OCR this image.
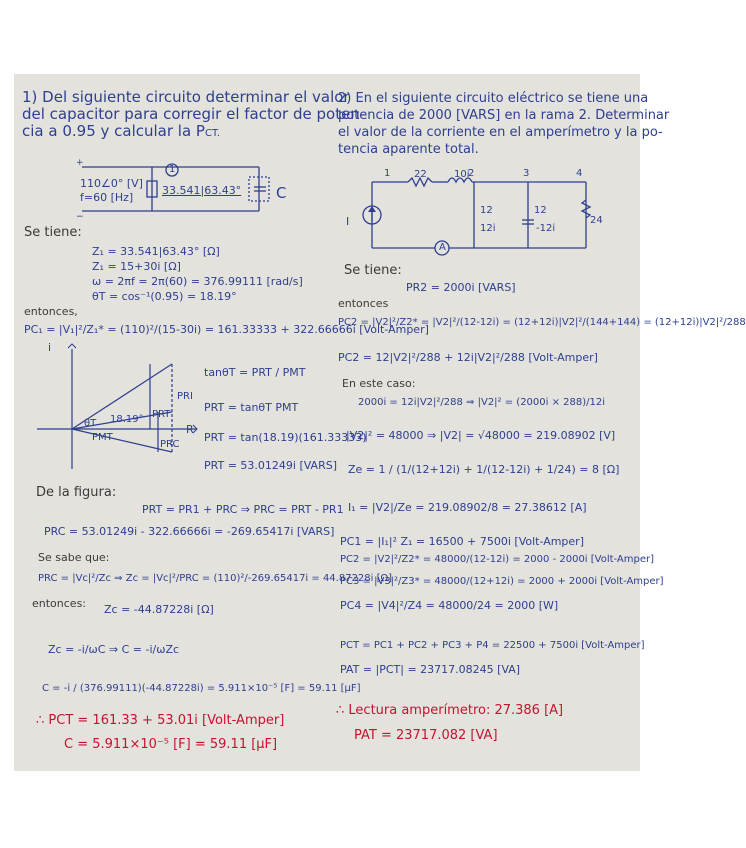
1) Del siguiente circuito determinar el valor
del capacitor para corregir el factor de poten-
cia a 0.95 y calcular la PCT.
+
−
110∠0° [V]
f=60 [Hz]
1
33.541|63.43° C
Se tiene:
Z₁ = 33.541|63.43° [Ω]
Z₁ = 15+30i [Ω]
ω = 2πf = 2π(60) = 376.99111 [rad/s]
θT = cos⁻¹(0.95) = 18.19°
entonces,
PC₁ = |V₁|²/Z₁* = (110)²/(15-30i) = 161.33333 + 322.66666i [Volt-Amper]
i
R
18.19°
θT
PMT
PRT
PRI
PRC
tanθT = PRT / PMT
PRT = tanθT PMT
PRT = tan(18.19)(161.33333)
PRT = 53.01249i [VARS]
De la figura:
PRT = PR1 + PRC ⇒ PRC = PRT - PR1
PRC = 53.01249i - 322.66666i = -269.65417i [VARS]
Se sabe que:
PRC = |Vc|²/Zc ⇒ Zc = |Vc|²/PRC = (110)²/-269.65417i = 44.87228i [Ω]
entonces: Zc = -44.87228i [Ω]
Zc = -i/ωC ⇒ C = -i/ωZc
C = -i / (376.99111)(-44.87228i) = 5.911×10⁻⁵ [F] = 59.11 [μF]
∴ PCT = 161.33 + 53.01i [Volt-Amper]
C = 5.911×10⁻⁵ [F] = 59.11 [μF]
2) En el siguiente circuito eléctrico se tiene una
potencia de 2000 [VARS] en la rama 2. Determinar
el valor de la corriente en el amperímetro y la po-
tencia aparente total.
1	2	3	4
22	10i
12
12i
12
-12i
24
I
A
Se tiene:
PR2 = 2000i [VARS]
entonces
PC2 = |V2|²/Z2* = |V2|²/(12-12i) = (12+12i)|V2|²/(144+144) = (12+12i)|V2|²/288
PC2 = 12|V2|²/288 + 12i|V2|²/288 [Volt-Amper]
En este caso:
2000i = 12i|V2|²/288 ⇒ |V2|² = (2000i × 288)/12i
|V2|² = 48000 ⇒ |V2| = √48000 = 219.08902 [V]
Ze = 1 / (1/(12+12i) + 1/(12-12i) + 1/24) = 8 [Ω]
I₁ = |V2|/Ze = 219.08902/8 = 27.38612 [A]
PC1 = |I₁|² Z₁ = 16500 + 7500i [Volt-Amper]
PC2 = |V2|²/Z2* = 48000/(12-12i) = 2000 - 2000i [Volt-Amper]
PC3 = |V3|²/Z3* = 48000/(12+12i) = 2000 + 2000i [Volt-Amper]
PC4 = |V4|²/Z4 = 48000/24 = 2000 [W]
PCT = PC1 + PC2 + PC3 + P4 = 22500 + 7500i [Volt-Amper]
PAT = |PCT| = 23717.08245 [VA]
∴ Lectura amperímetro: 27.386 [A]
PAT = 23717.082 [VA]
